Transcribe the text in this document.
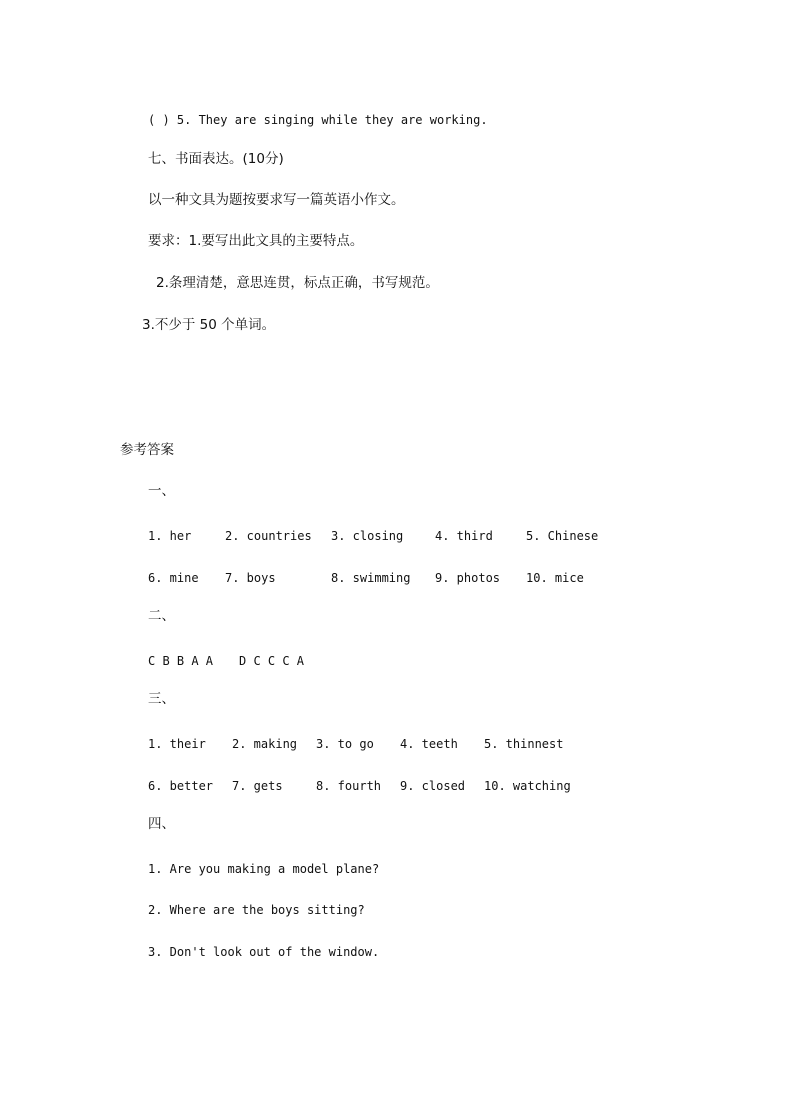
( ) 5. They are singing while they are working.
七、书面表达。(10分)
以一种文具为题按要求写一篇英语小作文。
要求：1.要写出此文具的主要特点。
2.条理清楚，意思连贯，标点正确，书写规范。
3.不少于 50 个单词。
参考答案
一、
1. her	2. countries 3. closing	4. third	5. Chinese
6. mine 7. boys	8. swimming 9. photos 10. mice
二、
C B B A A D C C C A
三、
1. their 2. making 3. to go 4. teeth 5. thinnest
6. better 7. gets	8. fourth 9. closed 10. watching
四、
1. Are you making a model plane?
2. Where are the boys sitting?
3. Don't look out of the window.
